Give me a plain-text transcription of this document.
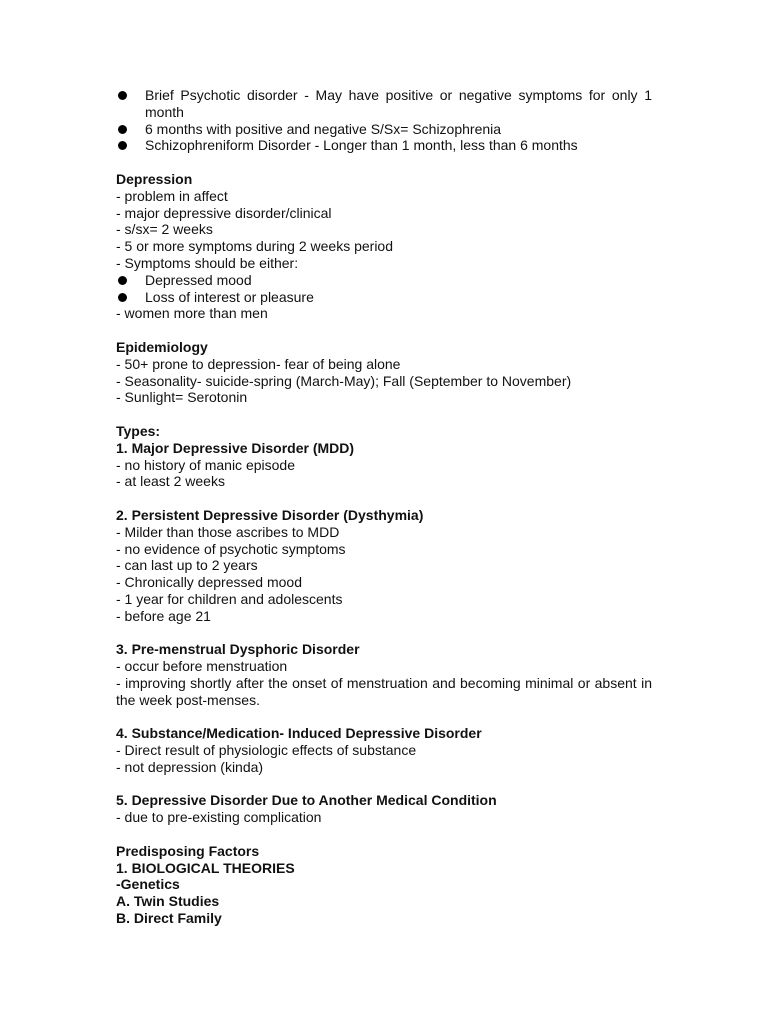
Brief Psychotic disorder - May have positive or negative symptoms for only 1 month
6 months with positive and negative S/Sx= Schizophrenia
Schizophreniform Disorder - Longer than 1 month, less than 6 months

Depression

- problem in affect

- major depressive disorder/clinical

- s/sx= 2 weeks

- 5 or more symptoms during 2 weeks period

- Symptoms should be either:

Depressed mood
Loss of interest or pleasure

- women more than men

Epidemiology

- 50+ prone to depression- fear of being alone

- Seasonality- suicide-spring (March-May); Fall (September to November)

- Sunlight= Serotonin

Types:

1. Major Depressive Disorder (MDD)

- no history of manic episode

- at least 2 weeks

2. Persistent Depressive Disorder (Dysthymia)

- Milder than those ascribes to MDD

- no evidence of psychotic symptoms

- can last up to 2 years

- Chronically depressed mood

- 1 year for children and adolescents

- before age 21

3. Pre-menstrual Dysphoric Disorder

- occur before menstruation

- improving shortly after the onset of menstruation and becoming minimal or absent in the week post-menses.

4. Substance/Medication- Induced Depressive Disorder

- Direct result of physiologic effects of substance

- not depression (kinda)

5. Depressive Disorder Due to Another Medical Condition

- due to pre-existing complication

Predisposing Factors

1. BIOLOGICAL THEORIES

-Genetics

A. Twin Studies

B. Direct Family
